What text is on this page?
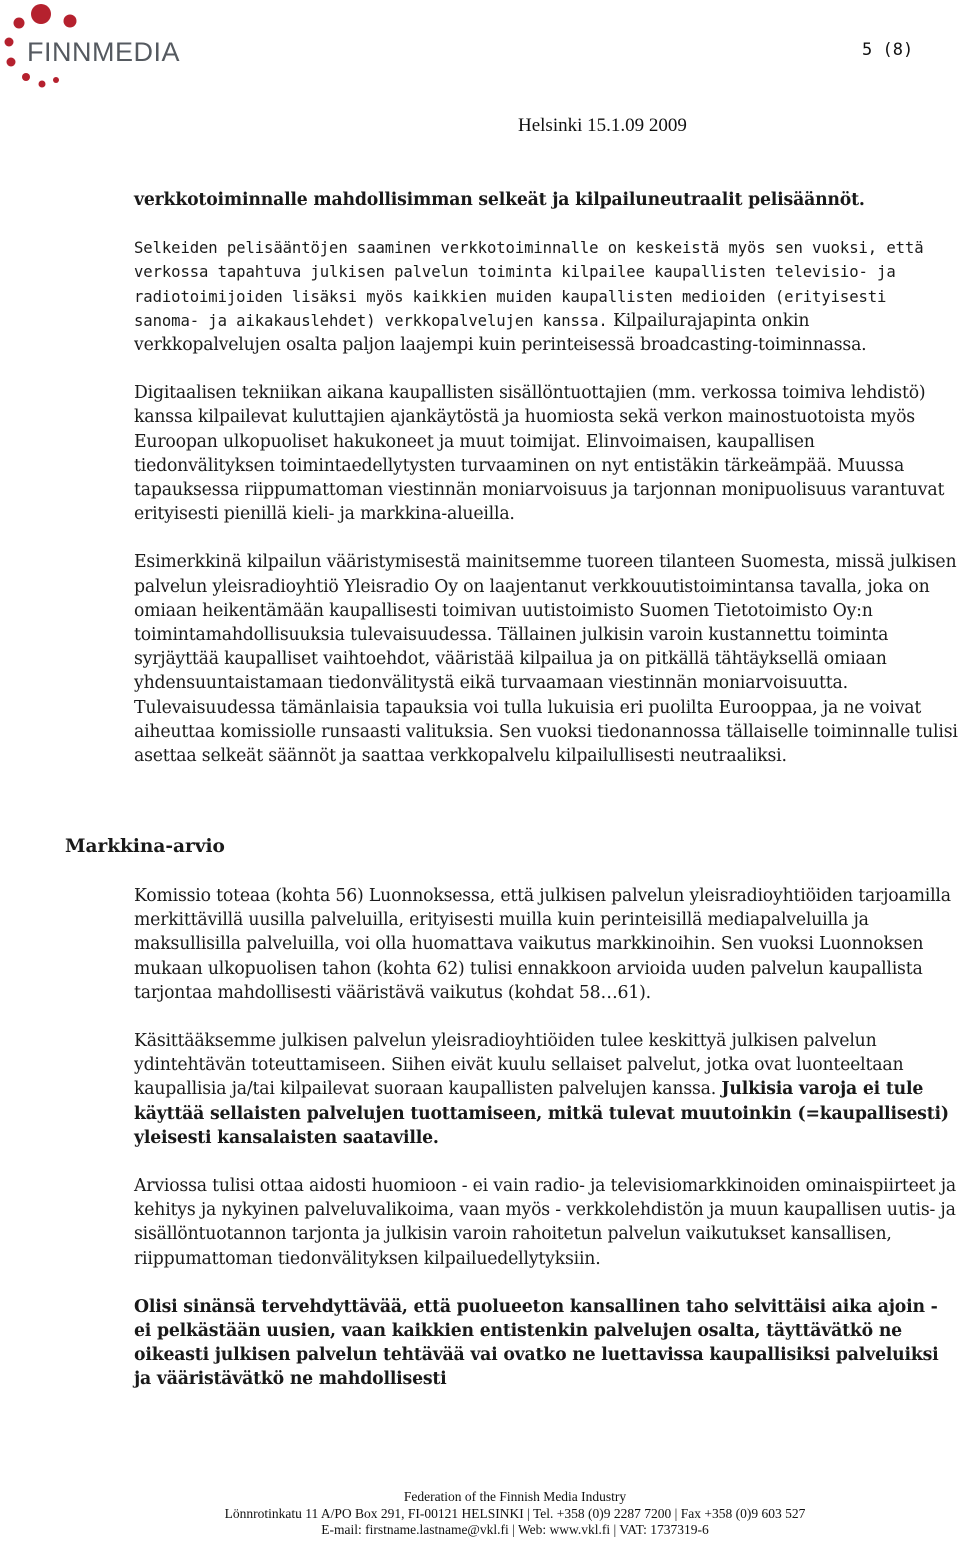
FINNMEDIA	5 (8)
Helsinki 15.1.09 2009

verkkotoiminnalle mahdollisimman selkeät ja kilpailuneutraalit pelisäännöt.

Selkeiden pelisääntöjen saaminen verkkotoiminnalle on keskeistä myös sen vuoksi, että verkossa tapahtuva julkisen palvelun toiminta kilpailee kaupallisten televisio- ja radiotoimijoiden lisäksi myös kaikkien muiden kaupallisten medioiden (erityisesti sanoma- ja aikakauslehdet) verkkopalvelujen kanssa. Kilpailurajapinta onkin verkkopalvelujen osalta paljon laajempi kuin perinteisessä broadcasting-toiminnassa.

Digitaalisen tekniikan aikana kaupallisten sisällöntuottajien (mm. verkossa toimiva lehdistö) kanssa kilpailevat kuluttajien ajankäytöstä ja huomiosta sekä verkon mainostuotoista myös Euroopan ulkopuoliset hakukoneet ja muut toimijat. Elinvoimaisen, kaupallisen tiedonvälityksen toimintaedellytysten turvaaminen on nyt entistäkin tärkeämpää. Muussa tapauksessa riippumattoman viestinnän moniarvoisuus ja tarjonnan monipuolisuus varantuvat erityisesti pienillä kieli- ja markkina-alueilla.

Esimerkkinä kilpailun vääristymisestä mainitsemme tuoreen tilanteen Suomesta, missä julkisen palvelun yleisradioyhtiö Yleisradio Oy on laajentanut verkkouutistoimintansa tavalla, joka on omiaan heikentämään kaupallisesti toimivan uutistoimisto Suomen Tietotoimisto Oy:n toimintamahdollisuuksia tulevaisuudessa. Tällainen julkisin varoin kustannettu toiminta syrjäyttää kaupalliset vaihtoehdot, vääristää kilpailua ja on pitkällä tähtäyksellä omiaan yhdensuuntaistamaan tiedonvälitystä eikä turvaamaan viestinnän moniarvoisuutta. Tulevaisuudessa tämänlaisia tapauksia voi tulla lukuisia eri puolilta Eurooppaa, ja ne voivat aiheuttaa komissiolle runsaasti valituksia. Sen vuoksi tiedonannossa tällaiselle toiminnalle tulisi asettaa selkeät säännöt ja saattaa verkkopalvelu kilpailullisesti neutraaliksi.

Markkina-arvio

Komissio toteaa (kohta 56) Luonnoksessa, että julkisen palvelun yleisradioyhtiöiden tarjoamilla merkittävillä uusilla palveluilla, erityisesti muilla kuin perinteisillä mediapalveluilla ja maksullisilla palveluilla, voi olla huomattava vaikutus markkinoihin. Sen vuoksi Luonnoksen mukaan ulkopuolisen tahon (kohta 62) tulisi ennakkoon arvioida uuden palvelun kaupallista tarjontaa mahdollisesti vääristävä vaikutus (kohdat 58…61).

Käsittääksemme julkisen palvelun yleisradioyhtiöiden tulee keskittyä julkisen palvelun ydintehtävän toteuttamiseen. Siihen eivät kuulu sellaiset palvelut, jotka ovat luonteeltaan kaupallisia ja/tai kilpailevat suoraan kaupallisten palvelujen kanssa. Julkisia varoja ei tule käyttää sellaisten palvelujen tuottamiseen, mitkä tulevat muutoinkin (=kaupallisesti) yleisesti kansalaisten saataville.

Arviossa tulisi ottaa aidosti huomioon - ei vain radio- ja televisiomarkkinoiden ominaispiirteet ja kehitys ja nykyinen palveluvalikoima, vaan myös - verkkolehdistön ja muun kaupallisen uutis- ja sisällöntuotannon tarjonta ja julkisin varoin rahoitetun palvelun vaikutukset kansallisen, riippumattoman tiedonvälityksen kilpailuedellytyksiin.

Olisi sinänsä tervehdyttävää, että puolueeton kansallinen taho selvittäisi aika ajoin - ei pelkästään uusien, vaan kaikkien entistenkin palvelujen osalta, täyttävätkö ne oikeasti julkisen palvelun tehtävää vai ovatko ne luettavissa kaupallisiksi palveluiksi ja vääristävätkö ne mahdollisesti

Federation of the Finnish Media Industry
Lönnrotinkatu 11 A/PO Box 291, FI-00121 HELSINKI | Tel. +358 (0)9 2287 7200 | Fax +358 (0)9 603 527
E-mail: firstname.lastname@vkl.fi | Web: www.vkl.fi | VAT: 1737319-6
